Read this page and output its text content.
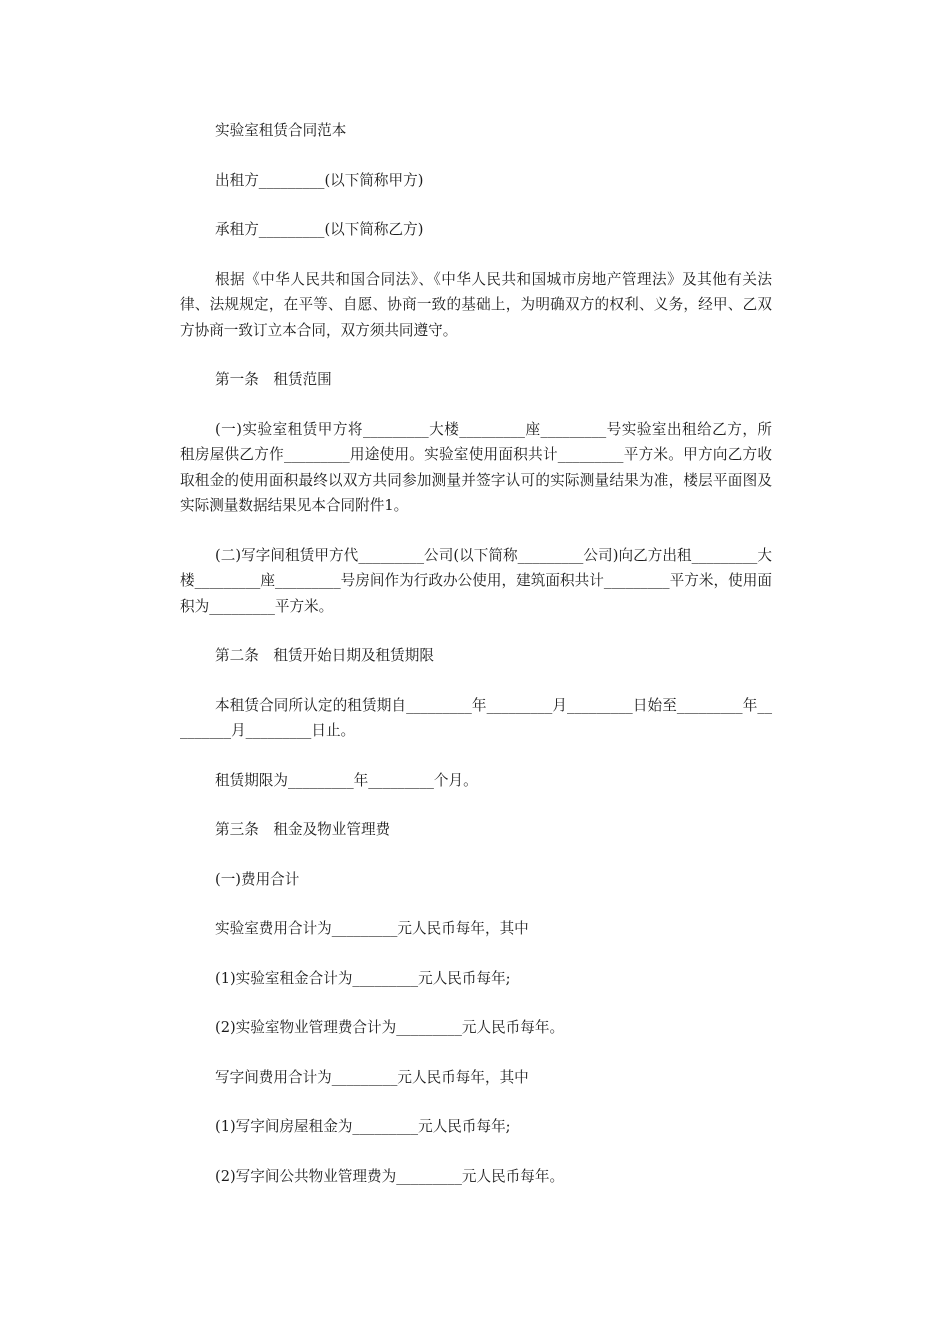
实验室租赁合同范本

出租方_________(以下简称甲方)

承租方_________(以下简称乙方)

根据《中华人民共和国合同法》、《中华人民共和国城市房地产管理法》及其他有关法律、法规规定，在平等、自愿、协商一致的基础上，为明确双方的权利、义务，经甲、乙双方协商一致订立本合同，双方须共同遵守。

第一条　租赁范围

(一)实验室租赁甲方将_________大楼_________座_________号实验室出租给乙方，所租房屋供乙方作_________用途使用。实验室使用面积共计_________平方米。甲方向乙方收取租金的使用面积最终以双方共同参加测量并签字认可的实际测量结果为准，楼层平面图及实际测量数据结果见本合同附件1。

(二)写字间租赁甲方代_________公司(以下简称_________公司)向乙方出租_________大楼_________座_________号房间作为行政办公使用，建筑面积共计_________平方米，使用面积为_________平方米。

第二条　租赁开始日期及租赁期限

本租赁合同所认定的租赁期自_________年_________月_________日始至_________年_________月_________日止。

租赁期限为_________年_________个月。

第三条　租金及物业管理费

(一)费用合计

实验室费用合计为_________元人民币每年，其中

(1)实验室租金合计为_________元人民币每年;

(2)实验室物业管理费合计为_________元人民币每年。

写字间费用合计为_________元人民币每年，其中

(1)写字间房屋租金为_________元人民币每年;

(2)写字间公共物业管理费为_________元人民币每年。
